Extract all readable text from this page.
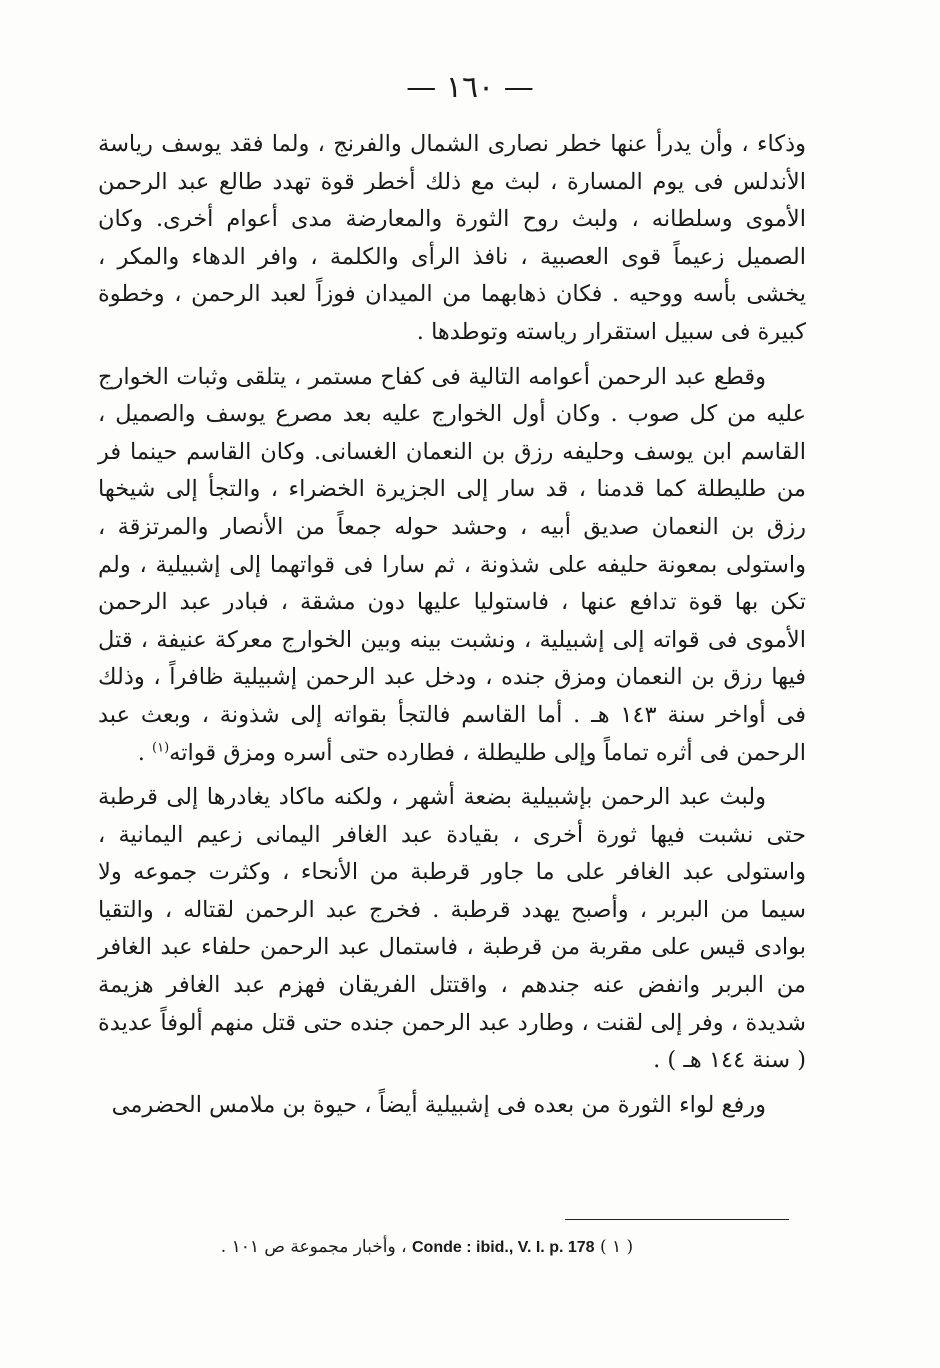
— ١٦٠ —

وذكاء ، وأن يدرأ عنها خطر نصارى الشمال والفرنج ، ولما فقد يوسف رياسة الأندلس فى يوم المسارة ، لبث مع ذلك أخطر قوة تهدد طالع عبد الرحمن الأموى وسلطانه ، ولبث روح الثورة والمعارضة مدى أعوام أخرى. وكان الصميل زعيماً قوى العصبية ، نافذ الرأى والكلمة ، وافر الدهاء والمكر ، يخشى بأسه ووحيه . فكان ذهابهما من الميدان فوزاً لعبد الرحمن ، وخطوة كبيرة فى سبيل استقرار رياسته وتوطدها .

وقطع عبد الرحمن أعوامه التالية فى كفاح مستمر ، يتلقى وثبات الخوارج عليه من كل صوب . وكان أول الخوارج عليه بعد مصرع يوسف والصميل ، القاسم ابن يوسف وحليفه رزق بن النعمان الغسانى. وكان القاسم حينما فر من طليطلة كما قدمنا ، قد سار إلى الجزيرة الخضراء ، والتجأ إلى شيخها رزق بن النعمان صديق أبيه ، وحشد حوله جمعاً من الأنصار والمرتزقة ، واستولى بمعونة حليفه على شذونة ، ثم سارا فى قواتهما إلى إشبيلية ، ولم تكن بها قوة تدافع عنها ، فاستوليا عليها دون مشقة ، فبادر عبد الرحمن الأموى فى قواته إلى إشبيلية ، ونشبت بينه وبين الخوارج معركة عنيفة ، قتل فيها رزق بن النعمان ومزق جنده ، ودخل عبد الرحمن إشبيلية ظافراً ، وذلك فى أواخر سنة ١٤٣ هـ . أما القاسم فالتجأ بقواته إلى شذونة ، وبعث عبد الرحمن فى أثره تماماً وإلى طليطلة ، فطارده حتى أسره ومزق قواته$^{(١)}$ .

ولبث عبد الرحمن بإشبيلية بضعة أشهر ، ولكنه ماكاد يغادرها إلى قرطبة حتى نشبت فيها ثورة أخرى ، بقيادة عبد الغافر اليمانى زعيم اليمانية ، واستولى عبد الغافر على ما جاور قرطبة من الأنحاء ، وكثرت جموعه ولا سيما من البربر ، وأصبح يهدد قرطبة . فخرج عبد الرحمن لقتاله ، والتقيا بوادى قيس على مقربة من قرطبة ، فاستمال عبد الرحمن حلفاء عبد الغافر من البربر وانفض عنه جندهم ، واقتتل الفريقان فهزم عبد الغافر هزيمة شديدة ، وفر إلى لقنت ، وطارد عبد الرحمن جنده حتى قتل منهم ألوفاً عديدة ( سنة ١٤٤ هـ ) .

ورفع لواء الثورة من بعده فى إشبيلية أيضاً ، حيوة بن ملامس الحضرمى

( ١ ) Conde : ibid., V. I. p. 178 ، وأخبار مجموعة ص ١٠١ .
